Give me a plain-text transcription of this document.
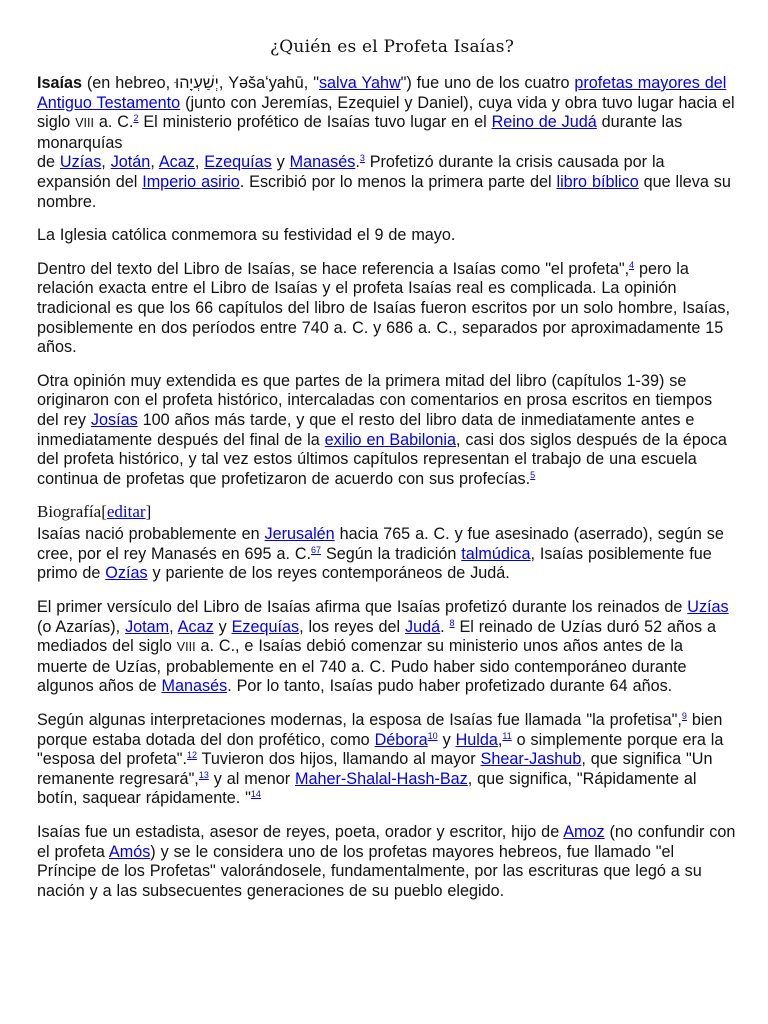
¿Quién es el Profeta Isaías?

Isaías (en hebreo, יְשַׁעְיָהוּ, Yəšaʻyahū, "salva Yahw") fue uno de los cuatro profetas mayores del Antiguo Testamento (junto con Jeremías, Ezequiel y Daniel), cuya vida y obra tuvo lugar hacia el siglo VIII a. C.$^2$ El ministerio profético de Isaías tuvo lugar en el Reino de Judá durante las monarquías
de Uzías, Jotán, Acaz, Ezequías y Manasés.$^3$ Profetizó durante la crisis causada por la expansión del Imperio asirio. Escribió por lo menos la primera parte del libro bíblico que lleva su nombre.

La Iglesia católica conmemora su festividad el 9 de mayo.

Dentro del texto del Libro de Isaías, se hace referencia a Isaías como "el profeta",$^4$ pero la relación exacta entre el Libro de Isaías y el profeta Isaías real es complicada. La opinión tradicional es que los 66 capítulos del libro de Isaías fueron escritos por un solo hombre, Isaías, posiblemente en dos períodos entre 740 a. C. y 686 a. C., separados por aproximadamente 15 años.

Otra opinión muy extendida es que partes de la primera mitad del libro (capítulos 1-39) se originaron con el profeta histórico, intercaladas con comentarios en prosa escritos en tiempos del rey Josías 100 años más tarde, y que el resto del libro data de inmediatamente antes e inmediatamente después del final de la exilio en Babilonia, casi dos siglos después de la época del profeta histórico, y tal vez estos últimos capítulos representan el trabajo de una escuela continua de profetas que profetizaron de acuerdo con sus profecías.$^5$

Biografía[editar]

Isaías nació probablemente en Jerusalén hacia 765 a. C. y fue asesinado (aserrado), según se cree, por el rey Manasés en 695 a. C.$^{67}$ Según la tradición talmúdica, Isaías posiblemente fue primo de Ozías y pariente de los reyes contemporáneos de Judá.

El primer versículo del Libro de Isaías afirma que Isaías profetizó durante los reinados de Uzías (o Azarías), Jotam, Acaz y Ezequías, los reyes del Judá. $^8$ El reinado de Uzías duró 52 años a mediados del siglo VIII a. C., e Isaías debió comenzar su ministerio unos años antes de la muerte de Uzías, probablemente en el 740 a. C. Pudo haber sido contemporáneo durante algunos años de Manasés. Por lo tanto, Isaías pudo haber profetizado durante 64 años.

Según algunas interpretaciones modernas, la esposa de Isaías fue llamada "la profetisa",$^9$ bien porque estaba dotada del don profético, como Débora$^{10}$ y Hulda,$^{11}$ o simplemente porque era la "esposa del profeta".$^{12}$ Tuvieron dos hijos, llamando al mayor Shear-Jashub, que significa "Un remanente regresará",$^{13}$ y al menor Maher-Shalal-Hash-Baz, que significa, "Rápidamente al botín, saquear rápidamente. "$^{14}$

Isaías fue un estadista, asesor de reyes, poeta, orador y escritor, hijo de Amoz (no confundir con el profeta Amós) y se le considera uno de los profetas mayores hebreos, fue llamado "el Príncipe de los Profetas" valorándosele, fundamentalmente, por las escrituras que legó a su nación y a las subsecuentes generaciones de su pueblo elegido.
